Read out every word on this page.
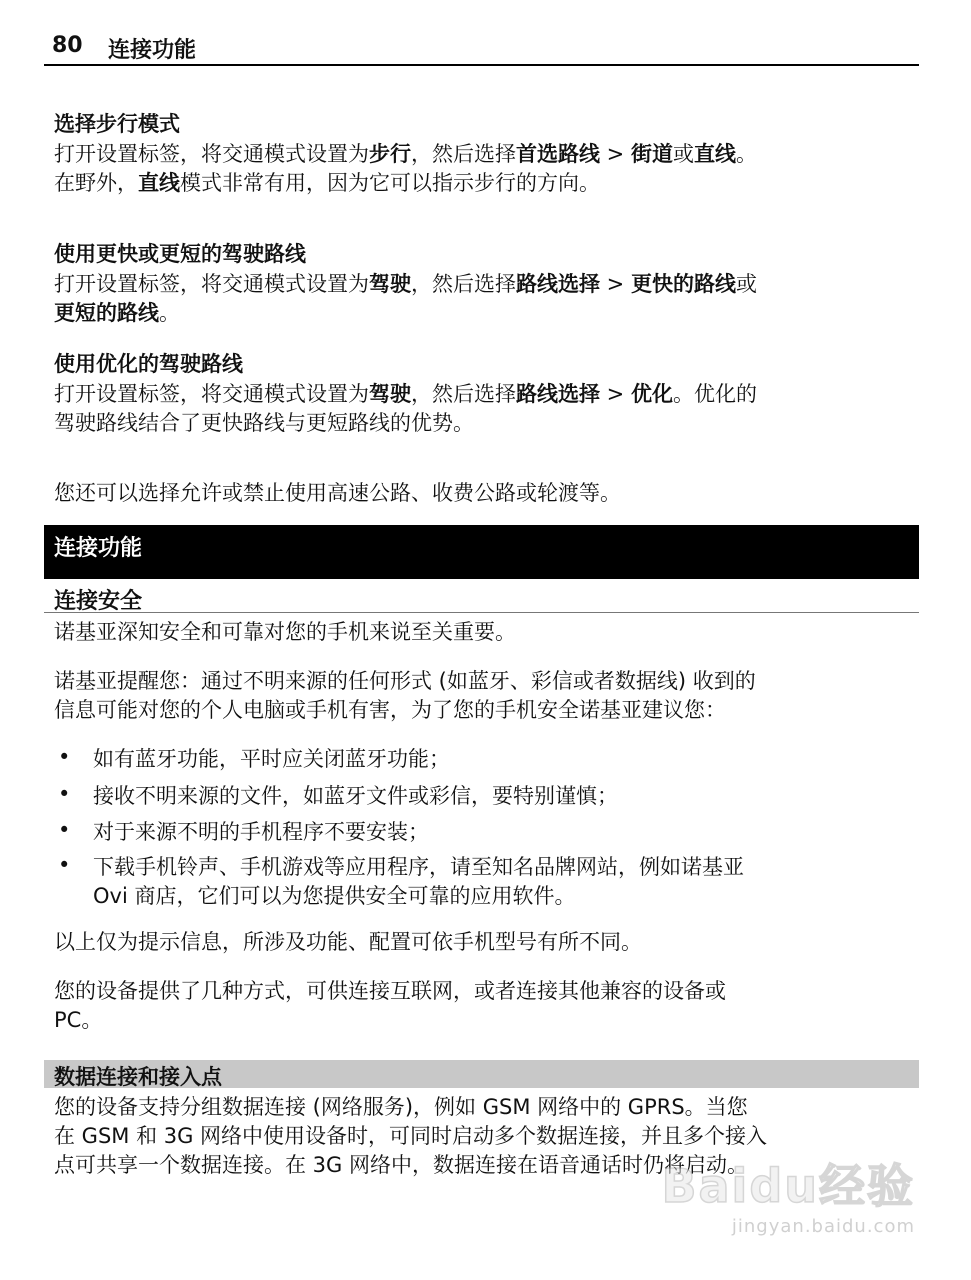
80 连接功能
选择步行模式
打开设置标签，将交通模式设置为步行，然后选择首选路线 > 街道或直线。
在野外，直线模式非常有用，因为它可以指示步行的方向。
使用更快或更短的驾驶路线
打开设置标签，将交通模式设置为驾驶，然后选择路线选择 > 更快的路线或
更短的路线。
使用优化的驾驶路线
打开设置标签，将交通模式设置为驾驶，然后选择路线选择 > 优化。优化的
驾驶路线结合了更快路线与更短路线的优势。
您还可以选择允许或禁止使用高速公路、收费公路或轮渡等。
连接功能
连接安全
诺基亚深知安全和可靠对您的手机来说至关重要。
诺基亚提醒您：通过不明来源的任何形式 (如蓝牙、彩信或者数据线) 收到的
信息可能对您的个人电脑或手机有害，为了您的手机安全诺基亚建议您：
• 如有蓝牙功能，平时应关闭蓝牙功能；
• 接收不明来源的文件，如蓝牙文件或彩信，要特别谨慎；
• 对于来源不明的手机程序不要安装；
• 下载手机铃声、手机游戏等应用程序，请至知名品牌网站，例如诺基亚
Ovi 商店，它们可以为您提供安全可靠的应用软件。
以上仅为提示信息，所涉及功能、配置可依手机型号有所不同。
您的设备提供了几种方式，可供连接互联网，或者连接其他兼容的设备或
PC。
数据连接和接入点
您的设备支持分组数据连接 (网络服务)，例如 GSM 网络中的 GPRS。当您
在 GSM 和 3G 网络中使用设备时，可同时启动多个数据连接，并且多个接入
点可共享一个数据连接。在 3G 网络中，数据连接在语音通话时仍将启动。
Baidu经验
jingyan.baidu.com
